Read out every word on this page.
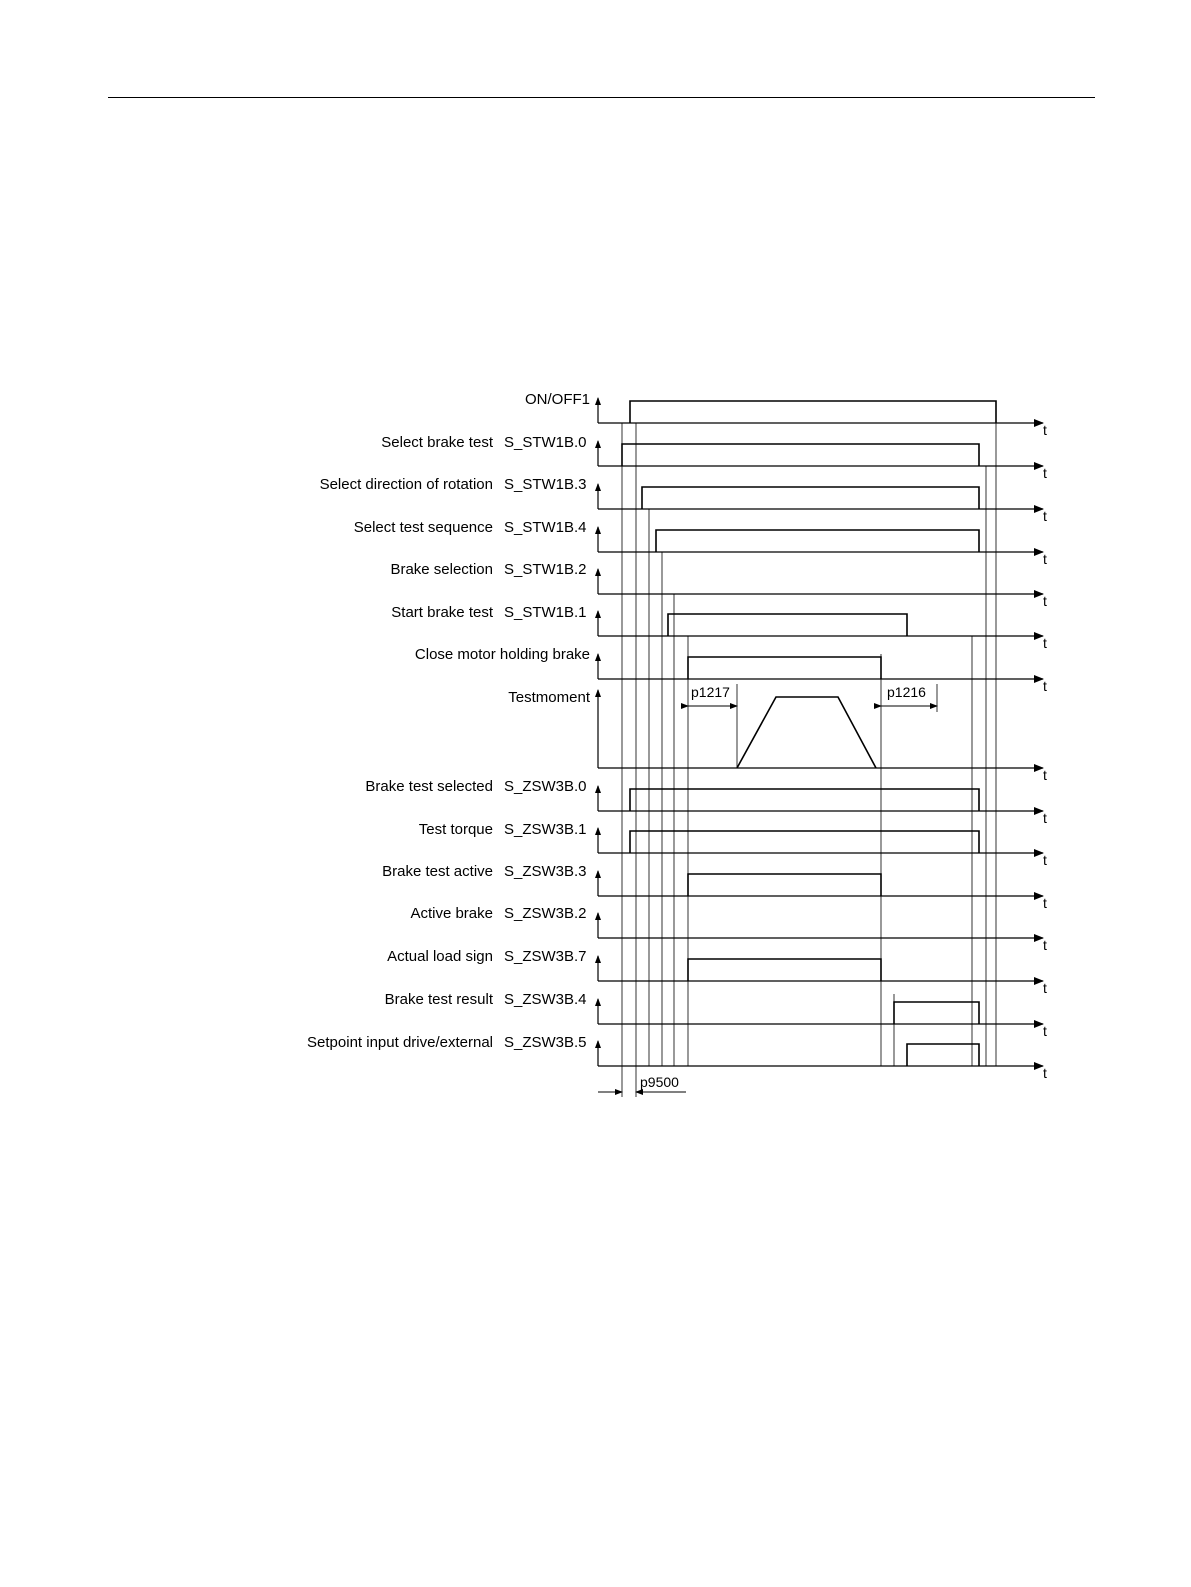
t
ON/OFF1
t
Select brake test S_STW1B.0
t
Select direction of rotation S_STW1B.3
t
Select test sequence S_STW1B.4
t
Brake selection S_STW1B.2
t
Start brake test S_STW1B.1
t
Close motor holding brake
t
Testmoment
t
Brake test selected S_ZSW3B.0
t
Test torque S_ZSW3B.1
t
Brake test active S_ZSW3B.3
t
Active brake S_ZSW3B.2
t
Actual load sign S_ZSW3B.7
t
Brake test result S_ZSW3B.4
t
Setpoint input drive/external S_ZSW3B.5
p1217	p1216
p9500
